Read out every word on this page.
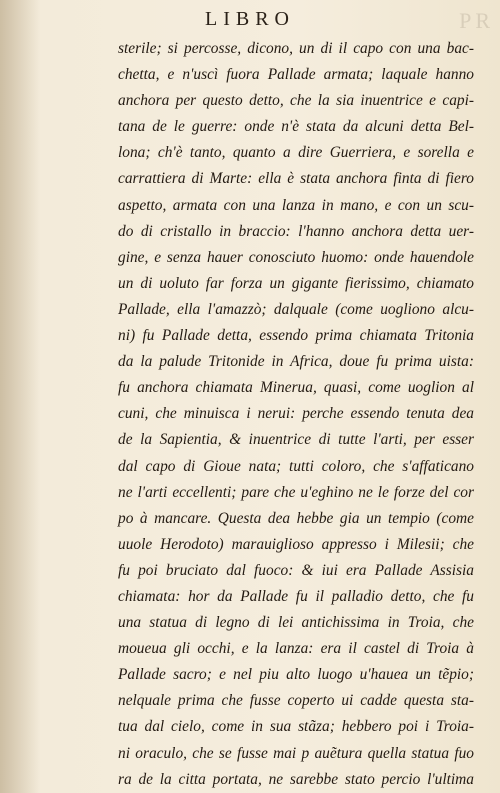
PR
LIBRO
sterile; si percosse, dicono, un di il capo con una bac-
chetta, e n'uscì fuora Pallade armata; laquale hanno
anchora per questo detto, che la sia inuentrice e capi-
tana de le guerre: onde n'è stata da alcuni detta Bel-
lona; ch'è tanto, quanto a dire Guerriera, e sorella e
carrattiera di Marte: ella è stata anchora finta di fiero
aspetto, armata con una lanza in mano, e con un scu-
do di cristallo in braccio: l'hanno anchora detta uer-
gine, e senza hauer conosciuto huomo: onde hauendole
un di uoluto far forza un gigante fierissimo, chiamato
Pallade, ella l'amazzò; dalquale (come uogliono alcu-
ni) fu Pallade detta, essendo prima chiamata Tritonia
da la palude Tritonide in Africa, doue fu prima uista:
fu anchora chiamata Minerua, quasi, come uoglion al
cuni, che minuisca i nerui: perche essendo tenuta dea
de la Sapientia, & inuentrice di tutte l'arti, per esser
dal capo di Gioue nata; tutti coloro, che s'affaticano
ne l'arti eccellenti; pare che u'eghino ne le forze del cor
po à mancare. Questa dea hebbe gia un tempio (come
uuole Herodoto) marauiglioso appresso i Milesii; che
fu poi bruciato dal fuoco: & iui era Pallade Assisia
chiamata: hor da Pallade fu il palladio detto, che fu
una statua di legno di lei antichissima in Troia, che
moueua gli occhi, e la lanza: era il castel di Troia à
Pallade sacro; e nel piu alto luogo u'hauea un tẽpio;
nelquale prima che fusse coperto ui cadde questa sta-
tua dal cielo, come in sua stãza; hebbero poi i Troia-
ni oraculo, che se fusse mai p auẽtura quella statua fuo
ra de la citta portata, ne sarebbe stato percio l'ultima
